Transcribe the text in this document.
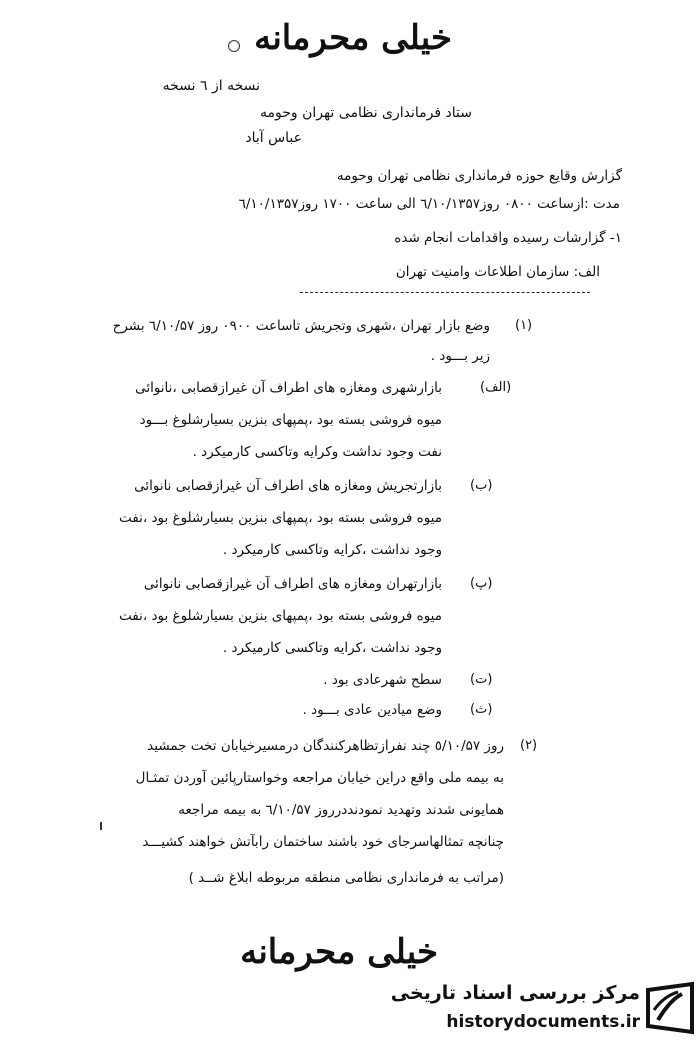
خیلی محرمانه
نسخه از ٦ نسخه
ستاد فرمانداری نظامی تهران وحومه
عباس آباد
گزارش وقایع حوزه فرمانداری نظامی تهران وحومه
مدت :ازساعت ۰۸۰۰ روز٦/۱۰/۱۳۵۷ الی ساعت ۱۷۰۰ روز٦/۱۰/۱۳۵۷
۱- گزارشات رسیده واقدامات انجام شده
الف: سازمان اطلاعات وامنیت تهران
(۱)
وضع بازار تهران ،شهری وتجریش تاساعت ۰۹۰۰ روز ٦/۱۰/۵۷ بشرح
زیر بـــود .
(الف)
بازارشهری ومغازه های اطراف آن غیرازقصابی ،نانوائی
میوه فروشی بسته بود ،پمپهای بنزین بسیارشلوغ بـــود
نفت وجود نداشت وکرایه وتاکسی کارمیکرد .
(ب)
بازارتجریش ومغازه های اطراف آن غیرازقصابی نانوائی
میوه فروشی بسته بود ،پمپهای بنزین بسیارشلوغ بود ،نفت
وجود نداشت ،کرایه وتاکسی کارمیکرد .
(پ)
بازارتهران ومغازه های اطراف آن غیرازقصابی نانوائی
میوه فروشی بسته بود ،پمپهای بنزین بسیارشلوغ بود ،نفت
وجود نداشت ،کرایه وتاکسی کارمیکرد .
(ت)
سطح شهرعادی بود .
(ث)
وضع میادین عادی بـــود .
(۲)
روز ٥/۱۰/۵۷ چند نفرازتظاهرکنندگان درمسیرخیابان تخت جمشید
به بیمه ملی واقع دراین خیابان مراجعه وخواستارپائین آوردن تمثـال
همایونی شدند وتهدید نمودنددرروز ٦/۱۰/۵۷ به بیمه مراجعه
چنانچه تمثالهاسرجای خود باشند ساختمان رابآتش خواهند کشیـــد
(مراتب به فرمانداری نظامی منطقه مربوطه ابلاغ شــد )
خیلی محرمانه
مرکز بررسی اسناد تاریخی
historydocuments.ir
